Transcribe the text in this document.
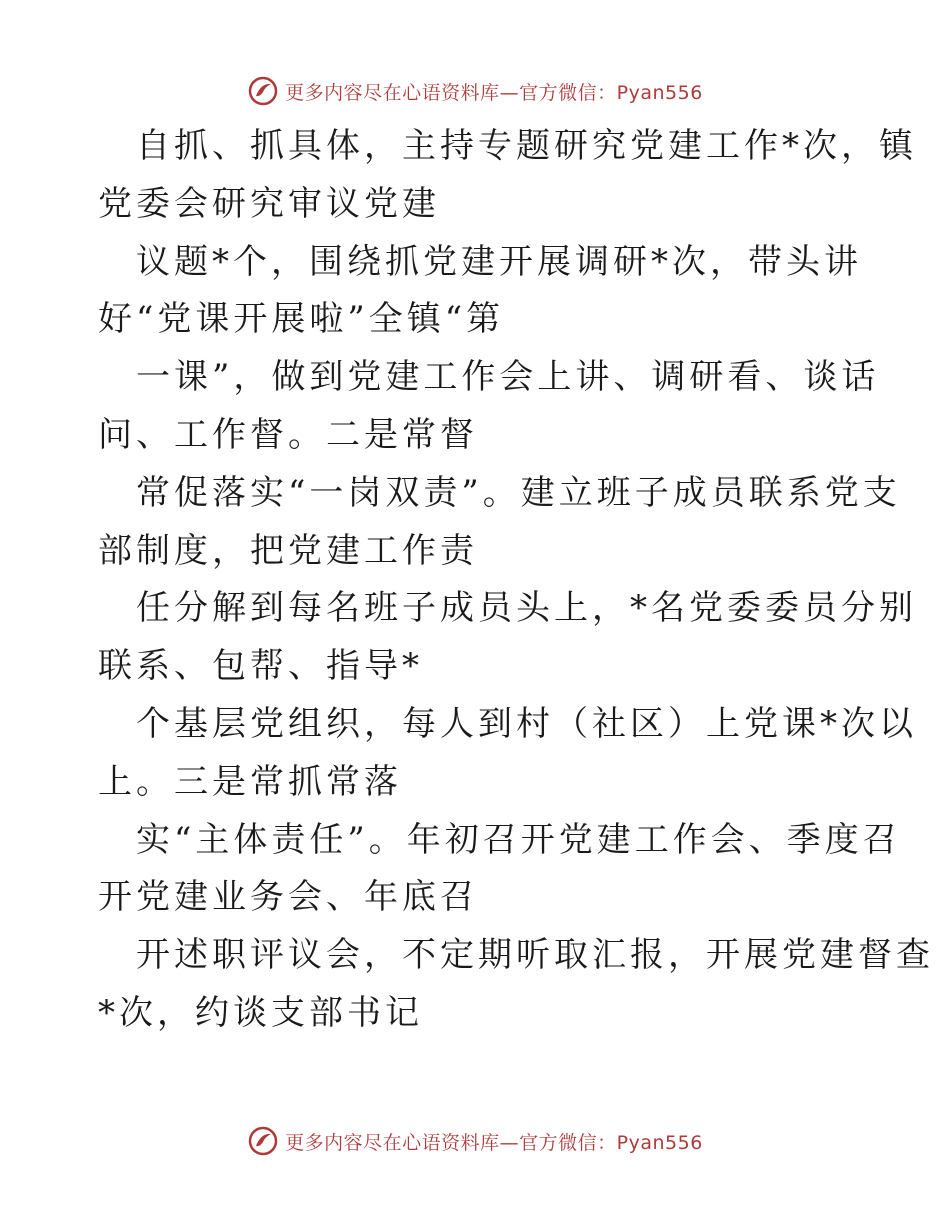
更多内容尽在心语资料库—官方微信：Pyan556
自抓、抓具体，主持专题研究党建工作*次，镇
党委会研究审议党建
议题*个，围绕抓党建开展调研*次，带头讲
好“党课开展啦”全镇“第
一课”，做到党建工作会上讲、调研看、谈话
问、工作督。二是常督
常促落实“一岗双责”。建立班子成员联系党支
部制度，把党建工作责
任分解到每名班子成员头上，*名党委委员分别
联系、包帮、指导*
个基层党组织，每人到村（社区）上党课*次以
上。三是常抓常落
实“主体责任”。年初召开党建工作会、季度召
开党建业务会、年底召
开述职评议会，不定期听取汇报，开展党建督查
*次，约谈支部书记
更多内容尽在心语资料库—官方微信：Pyan556
